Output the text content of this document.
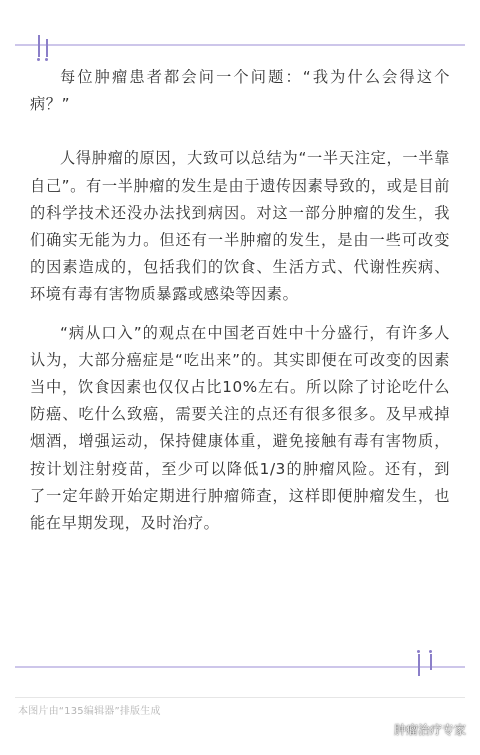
每位肿瘤患者都会问一个问题：“我为什么会得这个病？”

人得肿瘤的原因，大致可以总结为“一半天注定，一半靠自己”。有一半肿瘤的发生是由于遗传因素导致的，或是目前的科学技术还没办法找到病因。对这一部分肿瘤的发生，我们确实无能为力。但还有一半肿瘤的发生，是由一些可改变的因素造成的，包括我们的饮食、生活方式、代谢性疾病、环境有毒有害物质暴露或感染等因素。

“病从口入”的观点在中国老百姓中十分盛行，有许多人认为，大部分癌症是“吃出来”的。其实即便在可改变的因素当中，饮食因素也仅仅占比10%左右。所以除了讨论吃什么防癌、吃什么致癌，需要关注的点还有很多很多。及早戒掉烟酒，增强运动，保持健康体重，避免接触有毒有害物质，按计划注射疫苗，至少可以降低1/3的肿瘤风险。还有，到了一定年龄开始定期进行肿瘤筛查，这样即便肿瘤发生，也能在早期发现，及时治疗。

本图片由“135编辑器”排版生成
肿瘤治疗专家
